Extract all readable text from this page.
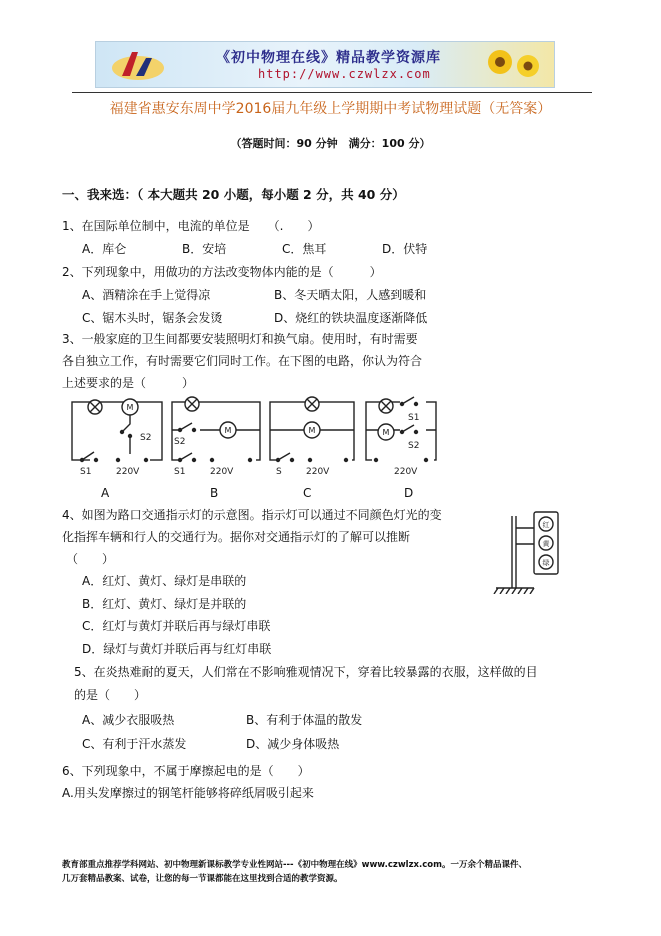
《初中物理在线》精品教学资源库
http://www.czwlzx.com
福建省惠安东周中学2016届九年级上学期期中考试物理试题（无答案）
（答题时间：90 分钟　满分：100 分）
一、我来选：（ 本大题共 20 小题，每小题 2 分，共 40 分）
1、在国际单位制中，电流的单位是　　（.　　）
A．库仑	B．安培	C．焦耳	D．伏特
2、下列现象中，用做功的方法改变物体内能的是（　　　）
A、酒精涂在手上觉得凉	B、冬天晒太阳，人感到暖和
C、锯木头时，锯条会发烫	D、烧红的铁块温度逐渐降低
3、一般家庭的卫生间都要安装照明灯和换气扇。使用时，有时需要
各自独立工作，有时需要它们同时工作。在下图的电路，你认为符合
上述要求的是（　　　）
M
M	M	M
S2
S1	220V
S2
S1	220V	S	220V
S1
S2
220V
A	B	C	D
4、如图为路口交通指示灯的示意图。指示灯可以通过不同颜色灯光的变
化指挥车辆和行人的交通行为。据你对交通指示灯的了解可以推断
（　　）
A．红灯、黄灯、绿灯是串联的
B．红灯、黄灯、绿灯是并联的
C．红灯与黄灯并联后再与绿灯串联
D．绿灯与黄灯并联后再与红灯串联
红
黄
绿
5、在炎热难耐的夏天，人们常在不影响雅观情况下，穿着比较暴露的衣服，这样做的目
的是（　　）
A、减少衣服吸热	B、有利于体温的散发
C、有利于汗水蒸发	D、减少身体吸热
6、下列现象中，不属于摩擦起电的是（　　）
A.用头发摩擦过的钢笔杆能够将碎纸屑吸引起来
教育部重点推荐学科网站、初中物理新课标教学专业性网站---《初中物理在线》www.czwlzx.com。一万余个精品课件、
几万套精品教案、试卷，让您的每一节课都能在这里找到合适的教学资源。
